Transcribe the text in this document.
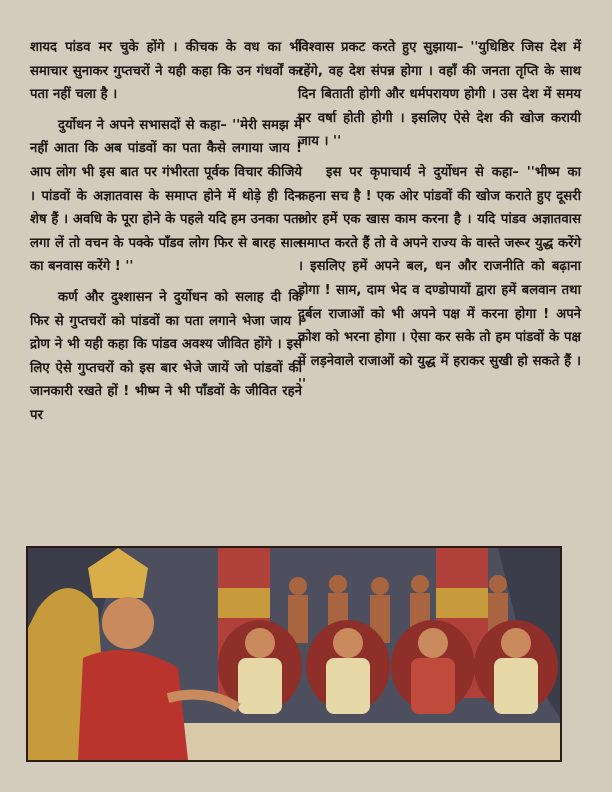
शायद पांडव मर चुके होंगे । कीचक के वध का भी समाचार सुनाकर गुप्तचरों ने यही कहा कि उन गंधर्वों का पता नहीं चला है ।

दुर्योधन ने अपने सभासदों से कहा– ''मेरी समझ में नहीं आता कि अब पांडवों का पता कैसे लगाया जाय ! आप लोग भी इस बात पर गंभीरता पूर्वक विचार कीजिये । पांडवों के अज्ञातवास के समाप्त होने में थोड़े ही दिन शेष हैं । अवधि के पूरा होने के पहले यदि हम उनका पता लगा लें तो वचन के पक्के पाँडव लोग फिर से बारह साल का बनवास करेंगे ! ''

कर्ण और दुश्शासन ने दुर्योधन को सलाह दी कि फिर से गुप्तचरों को पांडवों का पता लगाने भेजा जाय । द्रोण ने भी यही कहा कि पांडव अवश्य जीवित होंगे । इस लिए ऐसे गुप्तचरों को इस बार भेजे जायें जो पांडवों की जानकारी रखते हों ! भीष्म ने भी पाँडवों के जीवित रहने पर

विश्वास प्रकट करते हुए सुझाया– ''युधिष्ठिर जिस देश में रहेंगे, वह देश संपन्न होगा । वहाँ की जनता तृप्ति के साथ दिन बिताती होगी और धर्मपरायण होगी । उस देश में समय पर वर्षा होती होगी । इसलिए ऐसे देश की खोज करायी जाय । ''

इस पर कृपाचार्य ने दुर्योधन से कहा– ''भीष्म का कहना सच है ! एक ओर पांडवों की खोज कराते हुए दूसरी ओर हमें एक खास काम करना है । यदि पांडव अज्ञातवास समाप्त करते हैं तो वे अपने राज्य के वास्ते जरूर युद्ध करेंगे । इसलिए हमें अपने बल, धन और राजनीति को बढ़ाना होगा ! साम, दाम भेद व दण्डोपायों द्वारा हमें बलवान तथा दुर्बल राजाओं को भी अपने पक्ष में करना होगा ! अपने कोश को भरना होगा । ऐसा कर सके तो हम पांडवों के पक्ष में लड़नेवाले राजाओं को युद्ध में हराकर सुखी हो सकते हैं । ''
